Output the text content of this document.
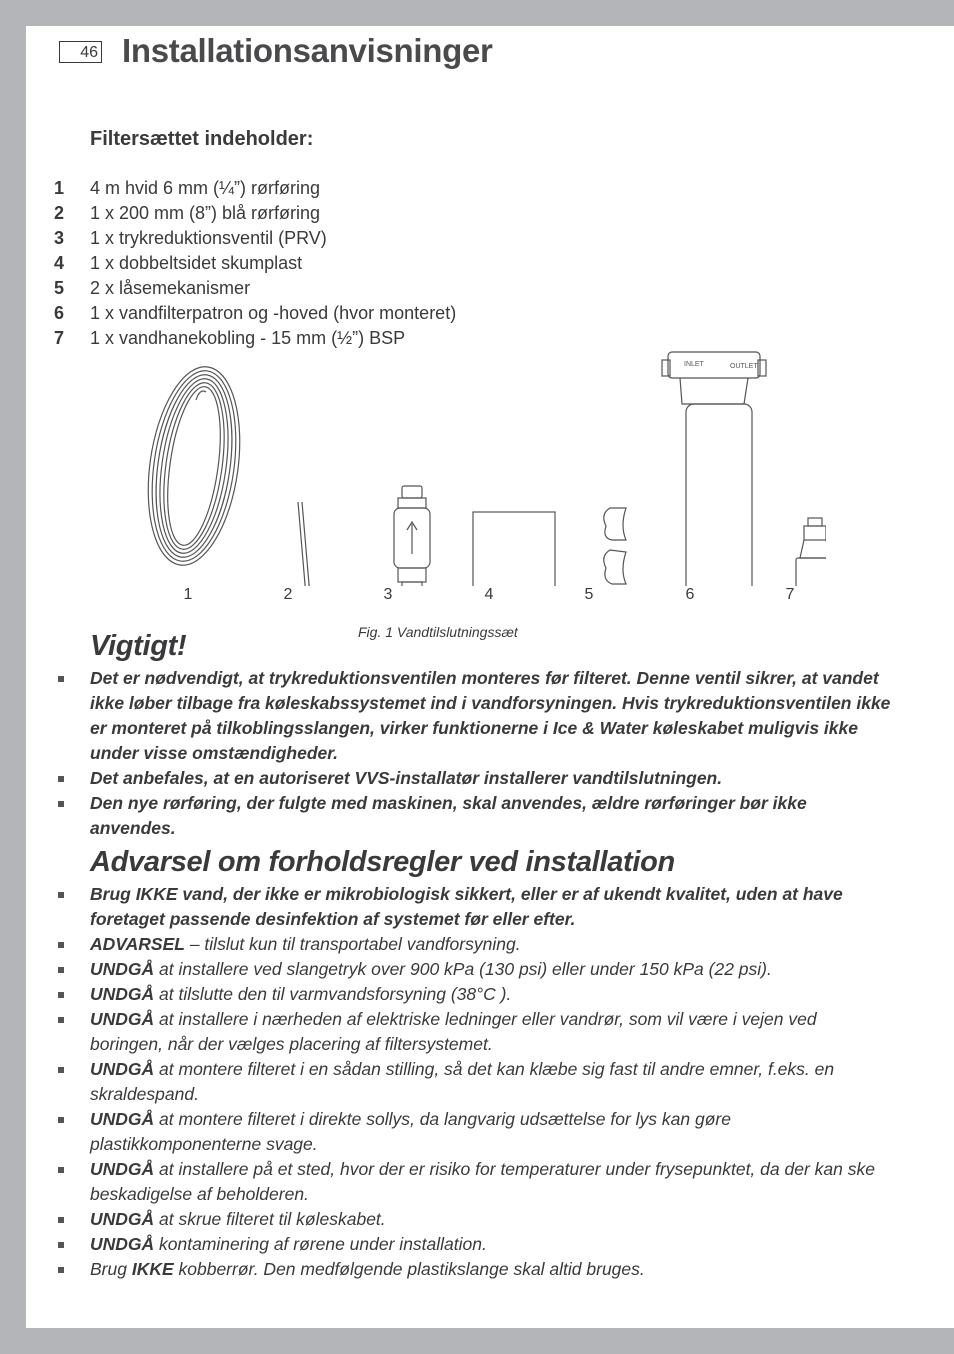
46 Installationsanvisninger
Filtersættet indeholder:
1 4 m hvid 6 mm (¼”) rørføring
2 1 x 200 mm (8”) blå rørføring
3 1 x trykreduktionsventil (PRV)
4 1 x dobbeltsidet skumplast
5 2 x låsemekanismer
6 1 x vandfilterpatron og -hoved (hvor monteret)
7 1 x vandhanekobling - 15 mm (½”) BSP
INLET	OUTLET
1	2	3	4	5	6	7
Fig. 1 Vandtilslutningssæt
Vigtigt!
Det er nødvendigt, at trykreduktionsventilen monteres før filteret. Denne ventil sikrer, at vandet ikke løber tilbage fra køleskabssystemet ind i vandforsyningen. Hvis trykreduktionsventilen ikke er monteret på tilkoblingsslangen, virker funktionerne i Ice & Water køleskabet muligvis ikke under visse omstændigheder.
Det anbefales, at en autoriseret VVS-installatør installerer vandtilslutningen.
Den nye rørføring, der fulgte med maskinen, skal anvendes, ældre rørføringer bør ikke anvendes.
Advarsel om forholdsregler ved installation
Brug IKKE vand, der ikke er mikrobiologisk sikkert, eller er af ukendt kvalitet, uden at have foretaget passende desinfektion af systemet før eller efter.
ADVARSEL – tilslut kun til transportabel vandforsyning.
UNDGÅ at installere ved slangetryk over 900 kPa (130 psi) eller under 150 kPa (22 psi).
UNDGÅ at tilslutte den til varmvandsforsyning (38°C ).
UNDGÅ at installere i nærheden af elektriske ledninger eller vandrør, som vil være i vejen ved boringen, når der vælges placering af filtersystemet.
UNDGÅ at montere filteret i en sådan stilling, så det kan klæbe sig fast til andre emner, f.eks. en skraldespand.
UNDGÅ at montere filteret i direkte sollys, da langvarig udsættelse for lys kan gøre plastikkomponenterne svage.
UNDGÅ at installere på et sted, hvor der er risiko for temperaturer under frysepunktet, da der kan ske beskadigelse af beholderen.
UNDGÅ at skrue filteret til køleskabet.
UNDGÅ kontaminering af rørene under installation.
Brug IKKE kobberrør. Den medfølgende plastikslange skal altid bruges.
